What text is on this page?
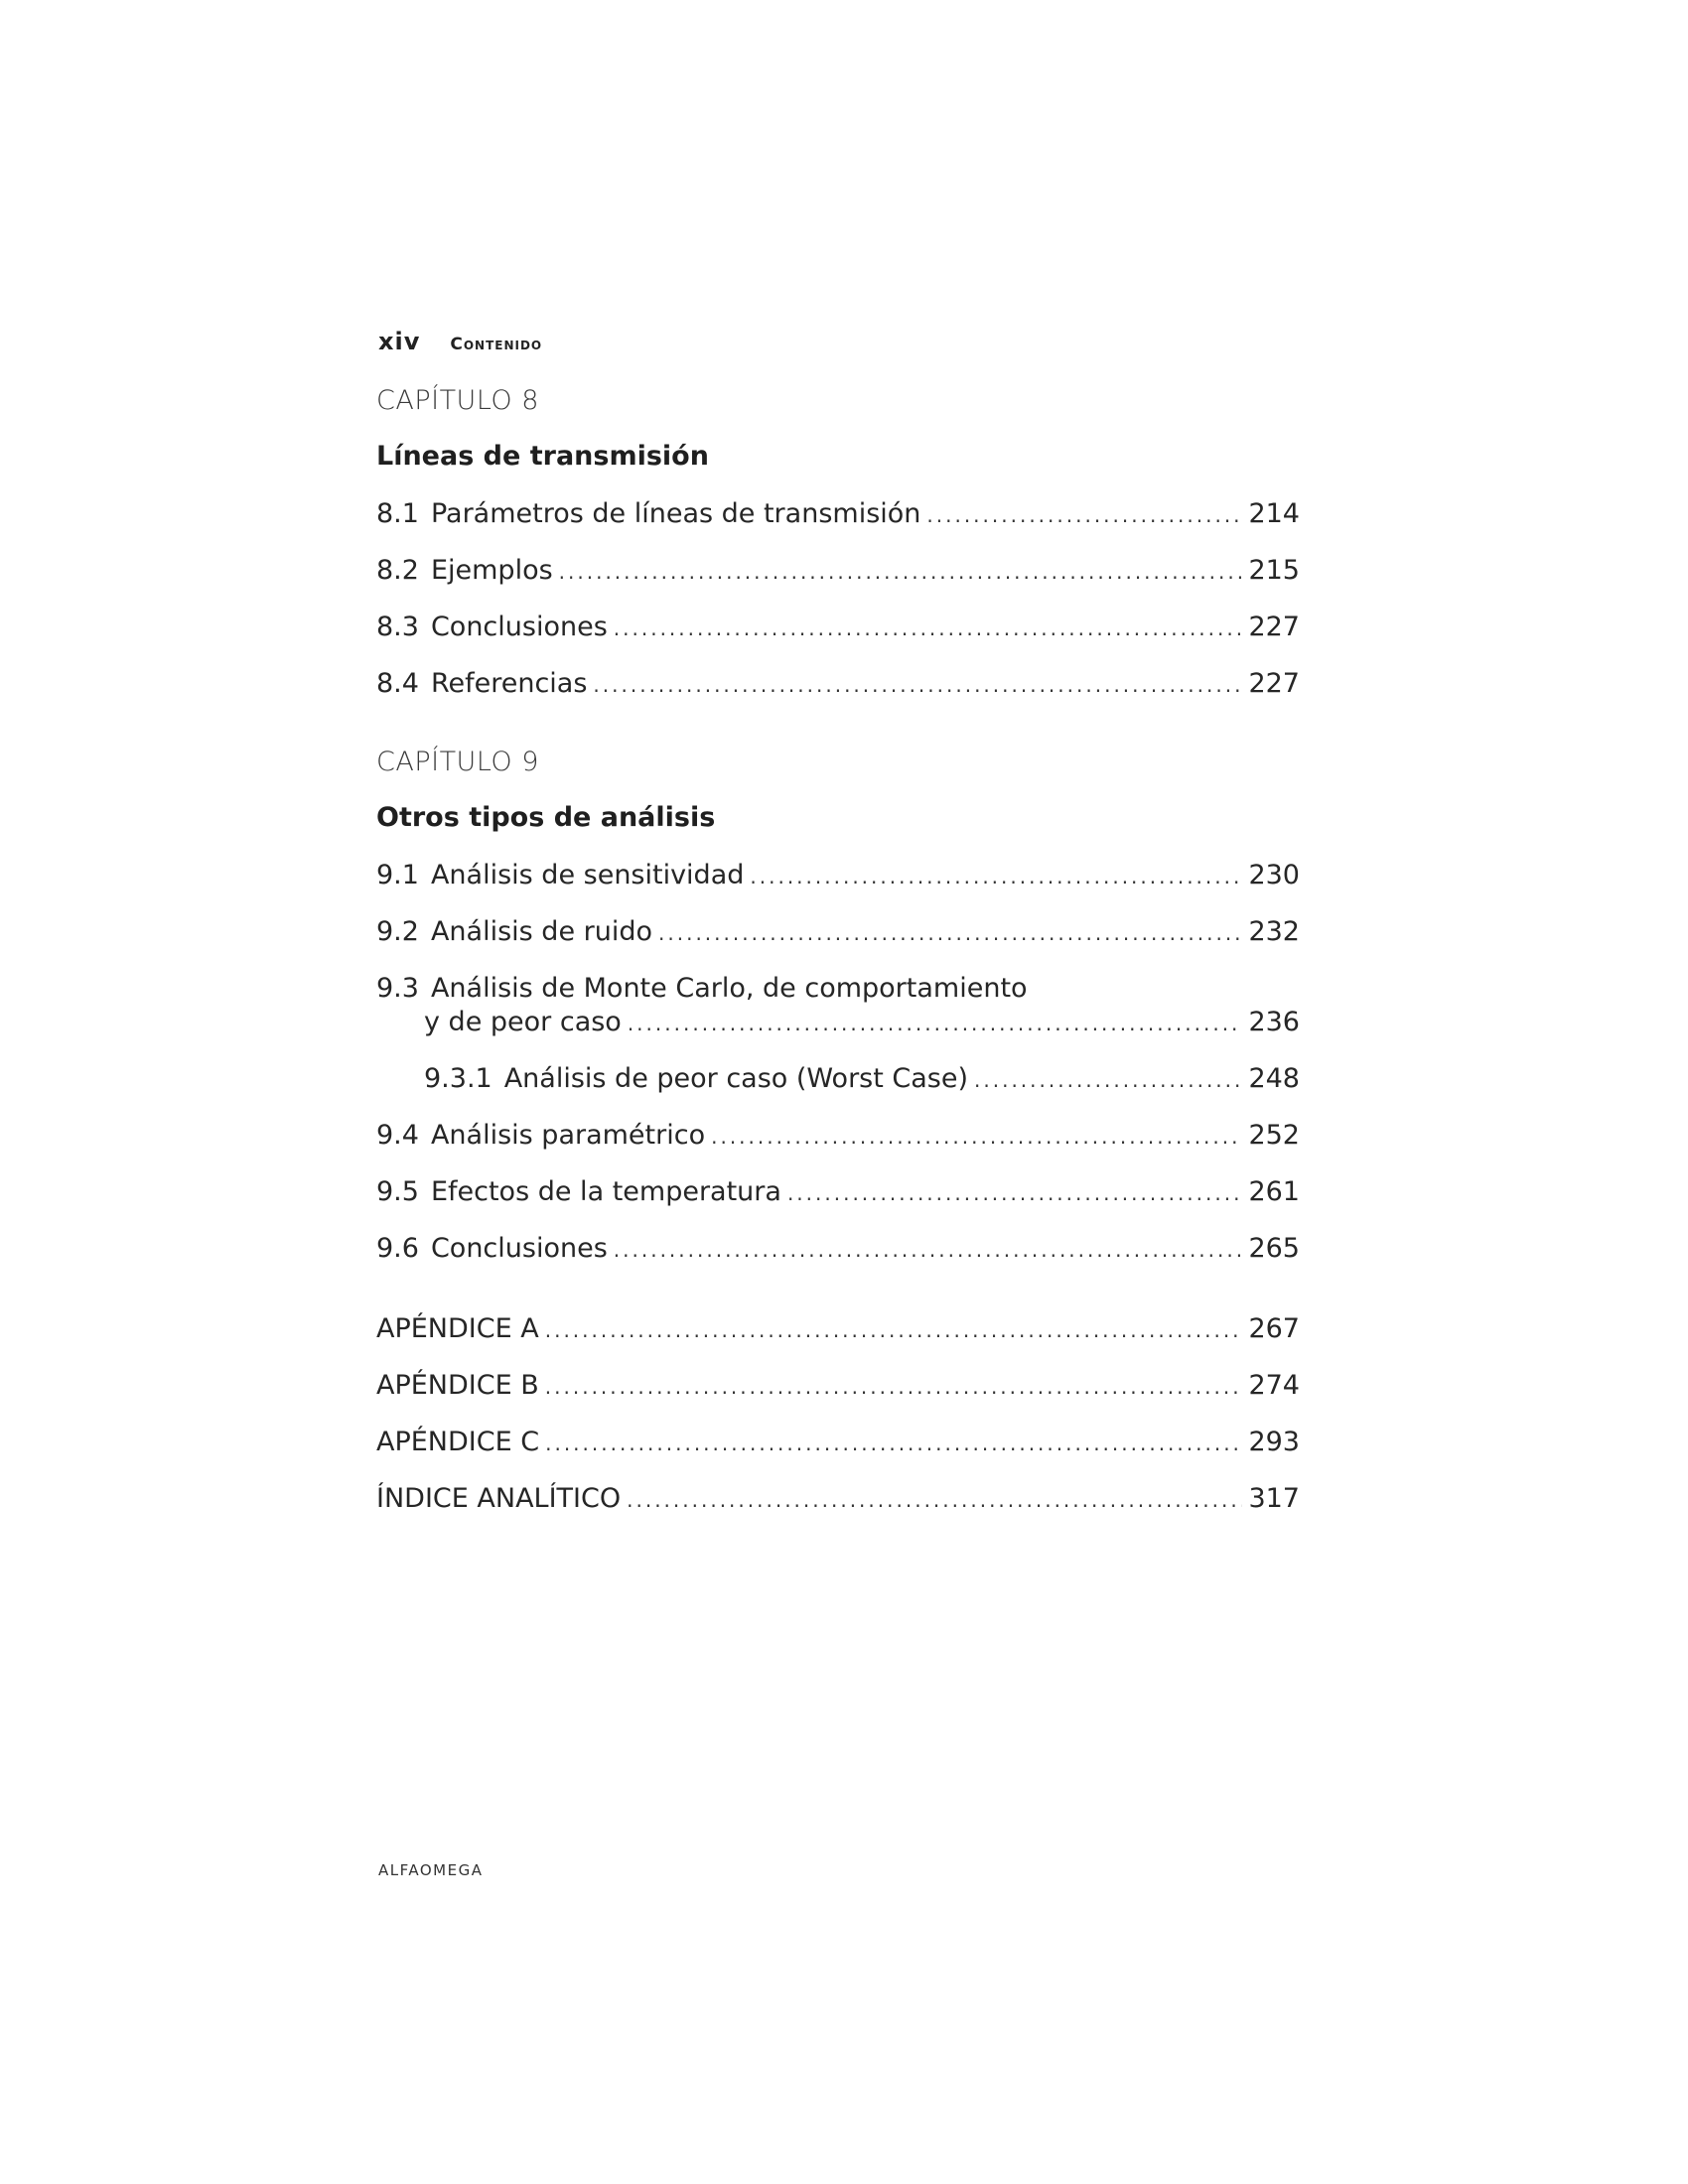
xiv Contenido
CAPÍTULO 8
Líneas de transmisión
8.1 Parámetros de líneas de transmisión .....	214
8.2 Ejemplos .....	215
8.3 Conclusiones .....	227
8.4 Referencias .....	227
CAPÍTULO 9
Otros tipos de análisis
9.1 Análisis de sensitividad .....	230
9.2 Análisis de ruido .....	232
9.3 Análisis de Monte Carlo, de comportamiento
y de peor caso .....	236
9.3.1 Análisis de peor caso (Worst Case) .....	248
9.4 Análisis paramétrico .....	252
9.5 Efectos de la temperatura .....	261
9.6 Conclusiones .....	265
APÉNDICE A .....	267
APÉNDICE B .....	274
APÉNDICE C .....	293
ÍNDICE ANALÍTICO .....	317
ALFAOMEGA
